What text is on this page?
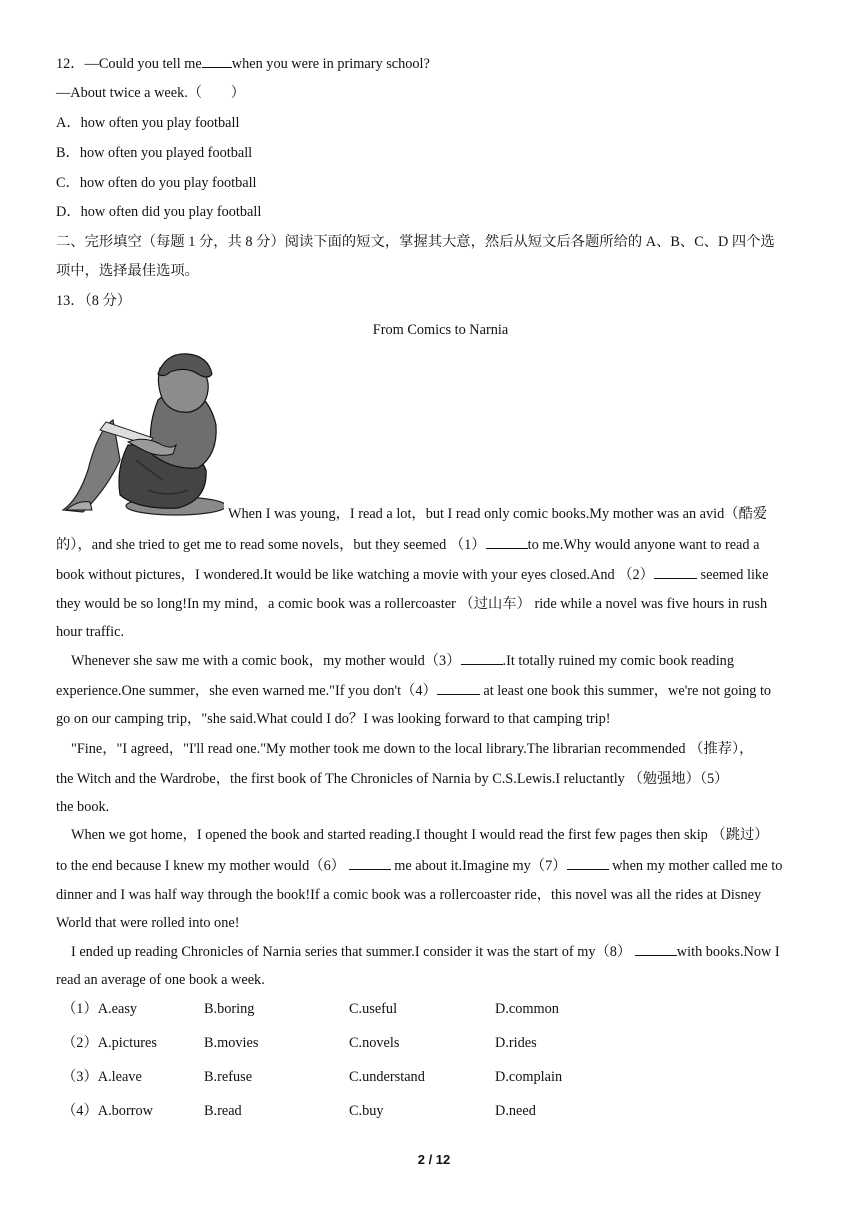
12．—Could you tell me when you were in primary school?
—About twice a week.（　　）
A．how often you play football
B．how often you played football
C．how often do you play football
D．how often did you play football
二、完形填空（每题 1 分，共 8 分）阅读下面的短文，掌握其大意，然后从短文后各题所给的 A、B、C、D 四个选
项中，选择最佳选项。
13．（8 分）
From Comics to Narnia
When I was young，I read a lot，but I read only comic books.My mother was an avid（酷爱
的），and she tried to get me to read some novels，but they seemed （1）	to me.Why would anyone want to read a
book without pictures，I wondered.It would be like watching a movie with your eyes closed.And （2）	seemed like
they would be so long!In my mind，a comic book was a rollercoaster （过山车） ride while a novel was five hours in rush
hour traffic.
Whenever she saw me with a comic book，my mother would（3）	.It totally ruined my comic book reading
experience.One summer，she even warned me."If you don't（4）	at least one book this summer，we're not going to
go on our camping trip，"she said.What could I do？I was looking forward to that camping trip!
"Fine，"I agreed，"I'll read one."My mother took me down to the local library.The librarian recommended （推荐），
the Witch and the Wardrobe，the first book of The Chronicles of Narnia by C.S.Lewis.I reluctantly （勉强地）（5）
the book.
When we got home，I opened the book and started reading.I thought I would read the first few pages then skip （跳过）
to the end because I knew my mother would（6）	me about it.Imagine my（7）	when my mother called me to
dinner and I was half way through the book!If a comic book was a rollercoaster ride，this novel was all the rides at Disney
World that were rolled into one!
I ended up reading Chronicles of Narnia series that summer.I consider it was the start of my（8）	with books.Now I
read an average of one book a week.
（1）A.easy	B.boring	C.useful	D.common
（2）A.pictures	B.movies	C.novels	D.rides
（3）A.leave	B.refuse	C.understand	D.complain
（4）A.borrow	B.read	C.buy	D.need
2 / 12
